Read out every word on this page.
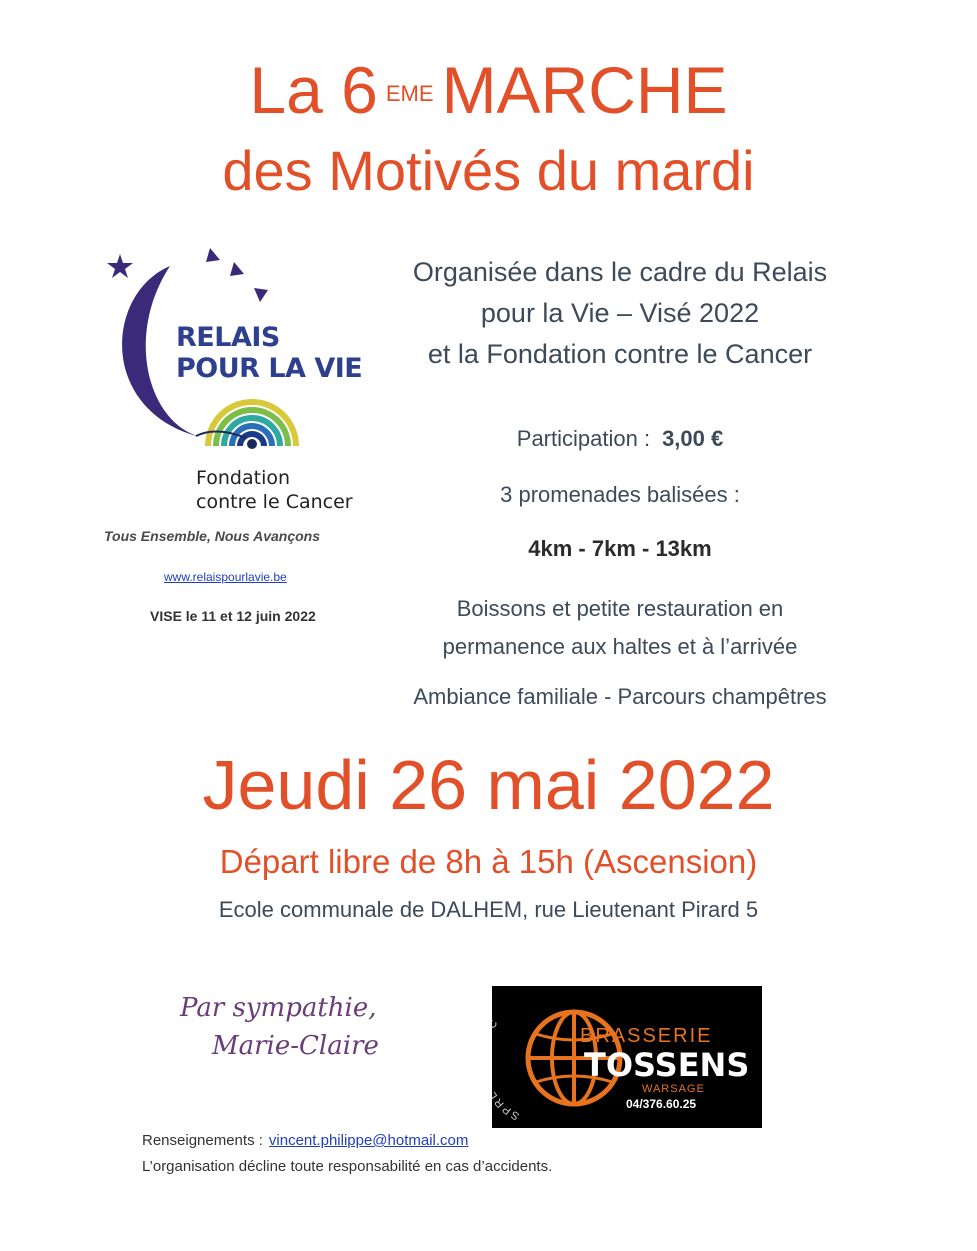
La 6 $^{EME}$ MARCHE
des Motivés du mardi
RELAIS
POUR LA VIE
Fondation
contre le Cancer
Tous Ensemble, Nous Avançons
www.relaispourlavie.be
VISE le 11 et 12 juin 2022
Organisée dans le cadre du Relais
pour la Vie – Visé 2022
et la Fondation contre le Cancer
Participation : 3,00 €
3 promenades balisées :
4km - 7km - 13km
Boissons et petite restauration en
permanence aux haltes et à l’arrivée
Ambiance familiale - Parcours champêtres
Jeudi 26 mai 2022
Départ libre de 8h à 15h (Ascension)
Ecole communale de DALHEM, rue Lieutenant Pirard 5
Par sympathie,
Marie-Claire
SPR
BRASSERIE
TOSSENS
WARSAGE
04/376.60.25
Renseignements : vincent.philippe@hotmail.com
L’organisation décline toute responsabilité en cas d’accidents.
